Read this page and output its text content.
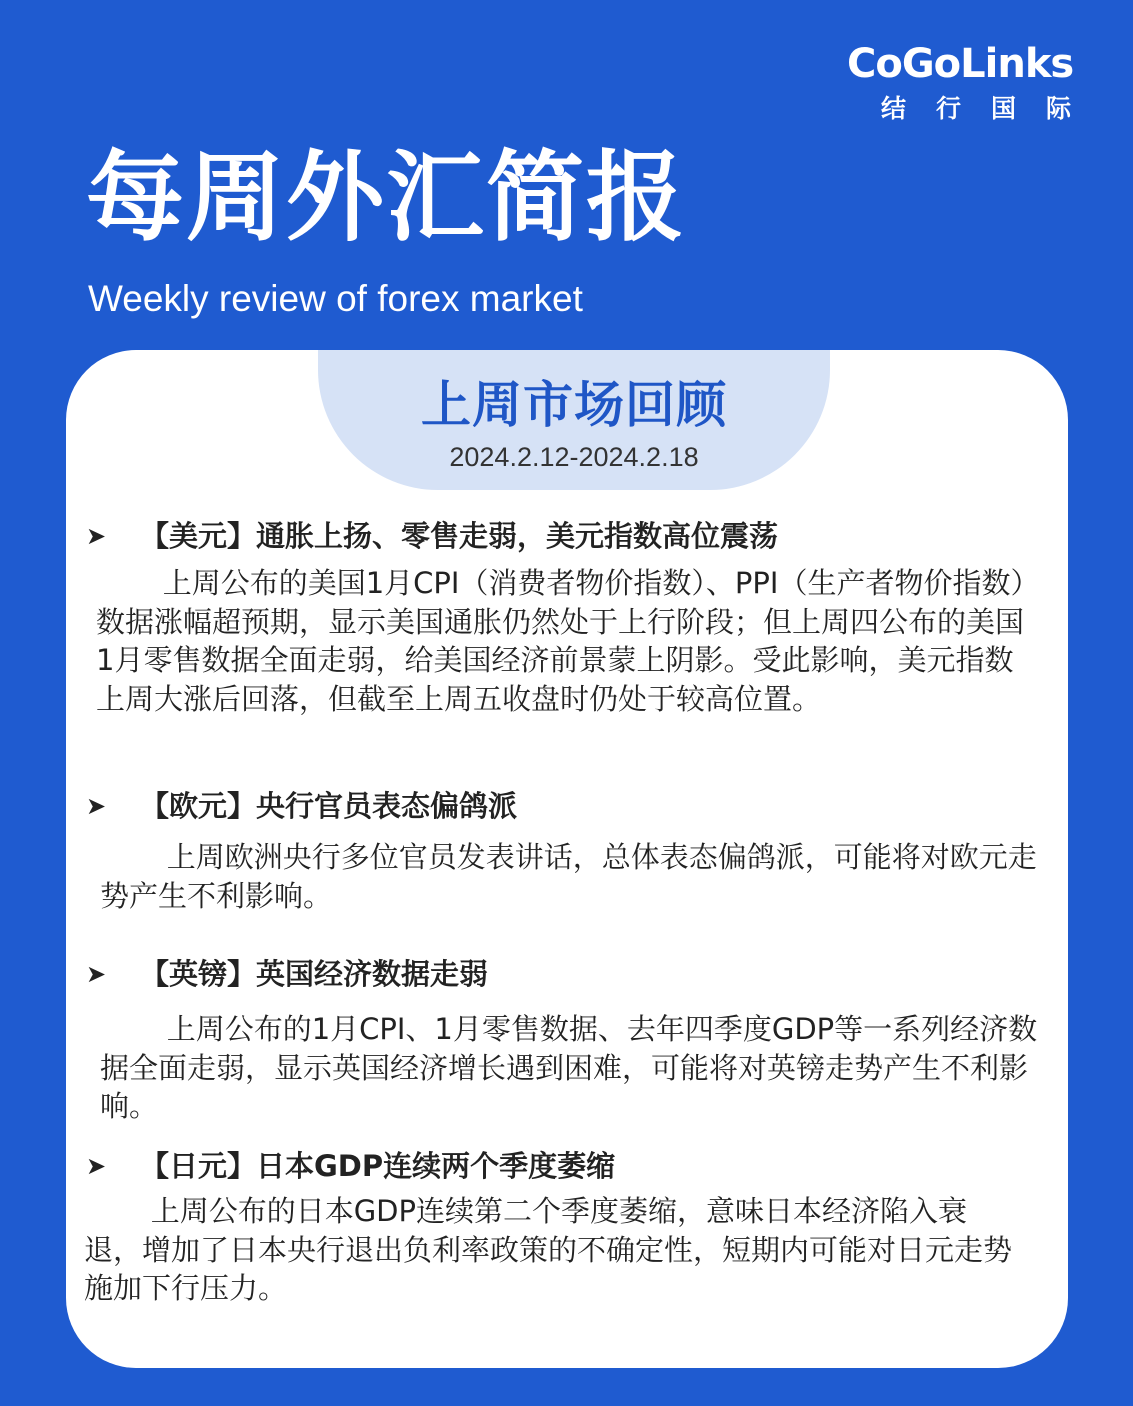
CoGoLinks
结行国际
每周外汇简报
Weekly review of forex market
上周市场回顾
2024.2.12-2024.2.18
➤ 【美元】通胀上扬、零售走弱，美元指数高位震荡

上周公布的美国1月CPI（消费者物价指数）、PPI（生产者物价指数）数据涨幅超预期，显示美国通胀仍然处于上行阶段；但上周四公布的美国1月零售数据全面走弱，给美国经济前景蒙上阴影。受此影响，美元指数上周大涨后回落，但截至上周五收盘时仍处于较高位置。

➤ 【欧元】央行官员表态偏鸽派

上周欧洲央行多位官员发表讲话，总体表态偏鸽派，可能将对欧元走势产生不利影响。

➤ 【英镑】英国经济数据走弱

上周公布的1月CPI、1月零售数据、去年四季度GDP等一系列经济数据全面走弱，显示英国经济增长遇到困难，可能将对英镑走势产生不利影响。

➤ 【日元】日本GDP连续两个季度萎缩

上周公布的日本GDP连续第二个季度萎缩，意味日本经济陷入衰退，增加了日本央行退出负利率政策的不确定性，短期内可能对日元走势施加下行压力。
